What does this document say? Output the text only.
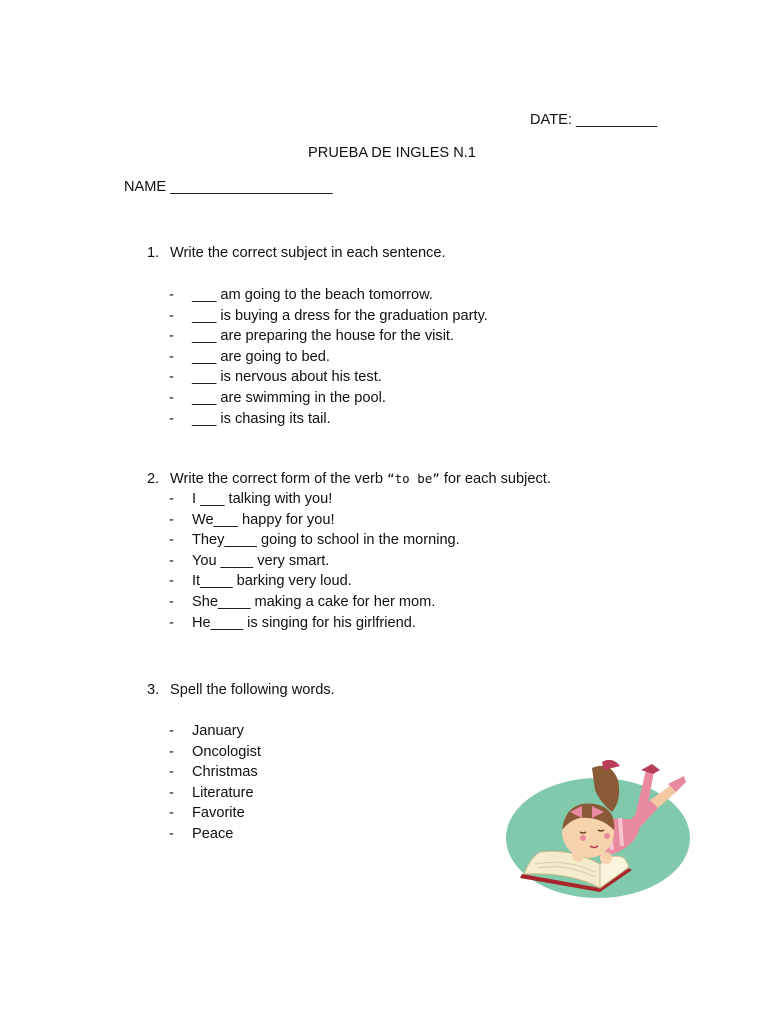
DATE: __________
PRUEBA DE INGLES N.1
NAME ____________________
1. Write the correct subject in each sentence.
- ___ am going to the beach tomorrow.
- ___ is buying a dress for the graduation party.
- ___ are preparing the house for the visit.
- ___ are going to bed.
- ___ is nervous about his test.
- ___ are swimming in the pool.
- ___ is chasing its tail.
2. Write the correct form of the verb “to be” for each subject.
- I ___ talking with you!
- We___ happy for you!
- They____ going to school in the morning.
- You ____ very smart.
- It____ barking very loud.
- She____ making a cake for her mom.
- He____ is singing for his girlfriend.
3. Spell the following words.
- January
- Oncologist
- Christmas
- Literature
- Favorite
- Peace
